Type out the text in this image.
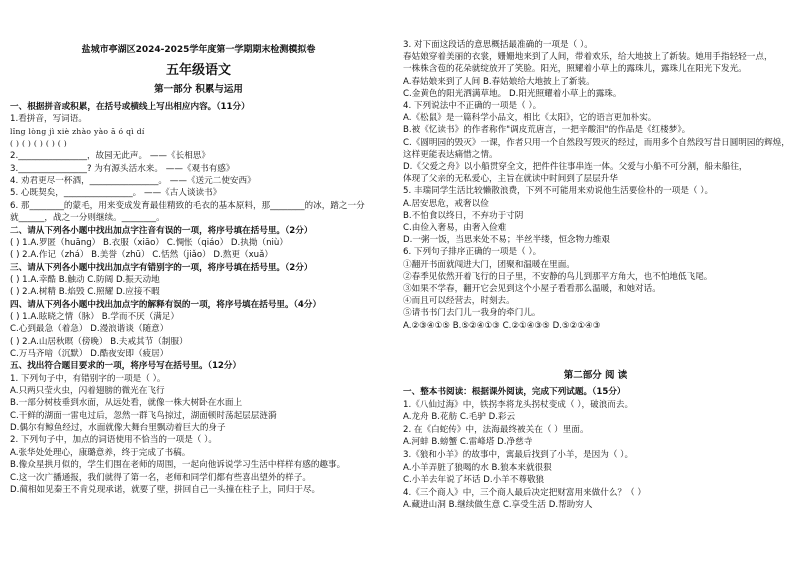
盐城市亭湖区2024-2025学年度第一学期期末检测模拟卷
五年级语文
第一部分 积累与运用
一、根据拼音或积累，在括号或横线上写出相应内容。（11分）
1.看拼音，写词语。
lǐng lòng jì xiè zhào yào ā ó qì dí
( ) ( ) ( ) ( ) ( )
2.________________，故园无此声。 ——《长相思》
3.________________? 为有源头活水来。 ——《观书有感》
4. 劝君更尽一杯酒，________________。 ——《送元二使安西》
5. 心既契矣，________________。 ——《古人谈读书》
6. 那________的蒙毛，用来变成发育最佳精致的毛衣的基本原料，那________的冰，踏之一分
就______，战之一分则继续。________。
二、请从下列各小题中找出加点字注音有误的一项，将序号填在括号里。（2分）
( ) 1.A.罗匿（huāng） B.衣服（xiāo） C.惆怅（qiáo） D.执拗（niù）
( ) 2.A.作记（zhá） B.美誉（zhū） C.恬然（jiǎo） D.熬更（xuǎ）
三、请从下列各小题中找出加点字有错别字的一项，将序号填在括号里。（2分）
( ) 1.A.幸酷 B.触动 C.防阔 D.振天动地
( ) 2.A.树精 B.焰毁 C.照耀 D.应接不暇
四、请从下列各小题中找出加点字的解释有误的一项，将序号填在括号里。（4分）
( ) 1.A.眩晓之情（脉） B.学而不厌（满足）
C.心到最急（着急） D.漫浪谐谈（随意）
( ) 2.A.山居秋暝（傍晚） B.夫戒其节（制服）
C.万马齐喑（沉默） D.酷夜安即（疲居）
五、找出符合题目要求的一项，将序号写在括号里。（12分）
1. 下列句子中，有错别字的一项是（ ）。
A.只两只莹火虫，闪着翅膀的微光在飞行
B.一部分树枝垂到水面，从远处看，就像一株大树卧在水面上
C.干鲜的湖面一雷电过后，忽然一群飞鸟掠过，湖面顿时荡起层层涟漪
D.偶尔有鲸鱼经过，水面就像大舞台里飘动着巨大的身子
2. 下列句子中，加点的词语使用不恰当的一项是（ ）。
A.张华处处理心，康璐意养，终于完成了书稿。
B.像众星拱月似的，学生们围在老师的周围，一起向他诉说学习生活中样样有感的趣事。
C.这一次广播通报，我们就得了第一名，老师和同学们都有些喜出望外的样子。
D.蔺相如见秦王不肯兑现承诺，就要了壁，拼回自己一头撞在柱子上，同归于尽。
3. 对下面这段话的意思概括最准确的一项是（ ）。
春姑娘穿着美丽的衣裳，姗姗地来到了人间，带着欢乐，给大地披上了新装。她用手指轻轻一点，
一株株含苞的花朵就绽放开了笑脸。阳光，照耀着小草上的露珠儿，露珠儿在阳光下发光。
A.春姑娘来到了人间 B.春姑娘给大地披上了新装。
C.金黄色的阳光洒满草地。 D.阳光照耀着小草上的露珠。
4. 下列说法中不正确的一项是（ ）。
A.《松鼠》是一篇科学小品文，相比《太阳》，它的语言更加朴实。
B.被《忆读书》的作者称作"调皮荒唐言，一把辛酸泪"的作品是《红楼梦》。
C.《圆明园的毁灭》一课，作者只用一个自然段写毁灭的经过，而用多个自然段写昔日圆明园的辉煌，
这样更能表达痛惜之情。
D.《父爱之舟》以小船贯穿全文，把件件往事串连一体。父爱与小船不可分割，船未船往，
体现了父亲的无私爱心，主旨在就读中时间到了层层升华
5. 丰瑞同学生活比较懒散浪费，下列不可能用来劝说他生活要俭朴的一项是（ ）。
A.居安思危，戒奢以俭
B.不怕食以终日，不弃功于寸阴
C.由俭入奢易，由奢入俭难
D.一粥一饭，当思来处不易；半丝半缕，恒念物力维艰
6. 下列句子排序正确的一项是（ ）。
①翻开书面就闯进大门，团聚和温暖在里面。
②春季见依然开着飞行的日子里，不安静的鸟儿到那平方角大，也不怕地低飞尾。
③如果不学春，翻开它会见到这个小屋子看看那么温暖，和她对话。
④而且可以经营去，时刻去。
⑤请书书门去门儿一我身的牵门儿。
A.②③④①⑤ B.⑤②④①③ C.②①④③⑤ D.⑤②①④③
第二部分 阅 读
一、整本书阅读：根据课外阅读，完成下列试题。（15分）
1.《八仙过海》中，铁拐李将龙头拐杖变成（ ），破浪而去。
A.龙舟 B.花舫 C.毛驴 D.彩云
2. 在《白蛇传》中，法海最终被关在（ ）里面。
A.河蚌 B.螃蟹 C.雷峰塔 D.净慈寺
3.《狼和小羊》的故事中，寓最后找到了小羊，是因为（ ）。
A.小羊弄脏了狼喝的水 B.狼本来就很狠
C.小羊去年说了坏话 D.小羊不尊敬狼
4.《三个商人》中，三个商人最后决定把财富用来做什么？（ ）
A.藏进山洞 B.继续做生意 C.享受生活 D.帮助穷人
